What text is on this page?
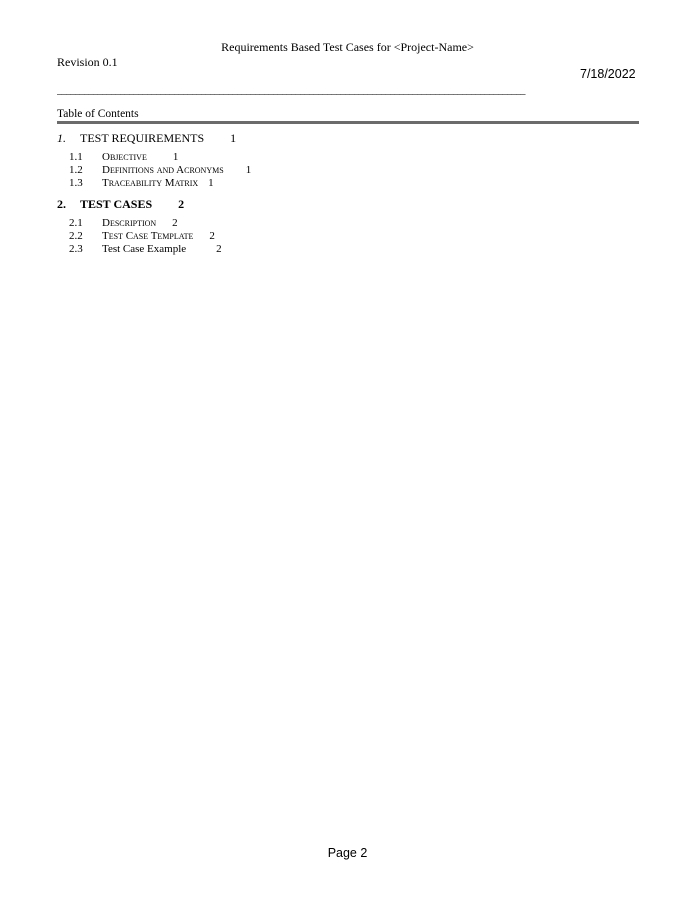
Requirements Based Test Cases for <Project-Name>
Revision 0.1
7/18/2022
________________________________________________________________________________________________________
Table of Contents
1. TEST REQUIREMENTS 1
1.1 Objective 1
1.2 Definitions and Acronyms 1
1.3 Traceability Matrix 1
2. TEST CASES 2
2.1 Description 2
2.2 Test Case Template 2
2.3 Test Case Example	2
Page 2
